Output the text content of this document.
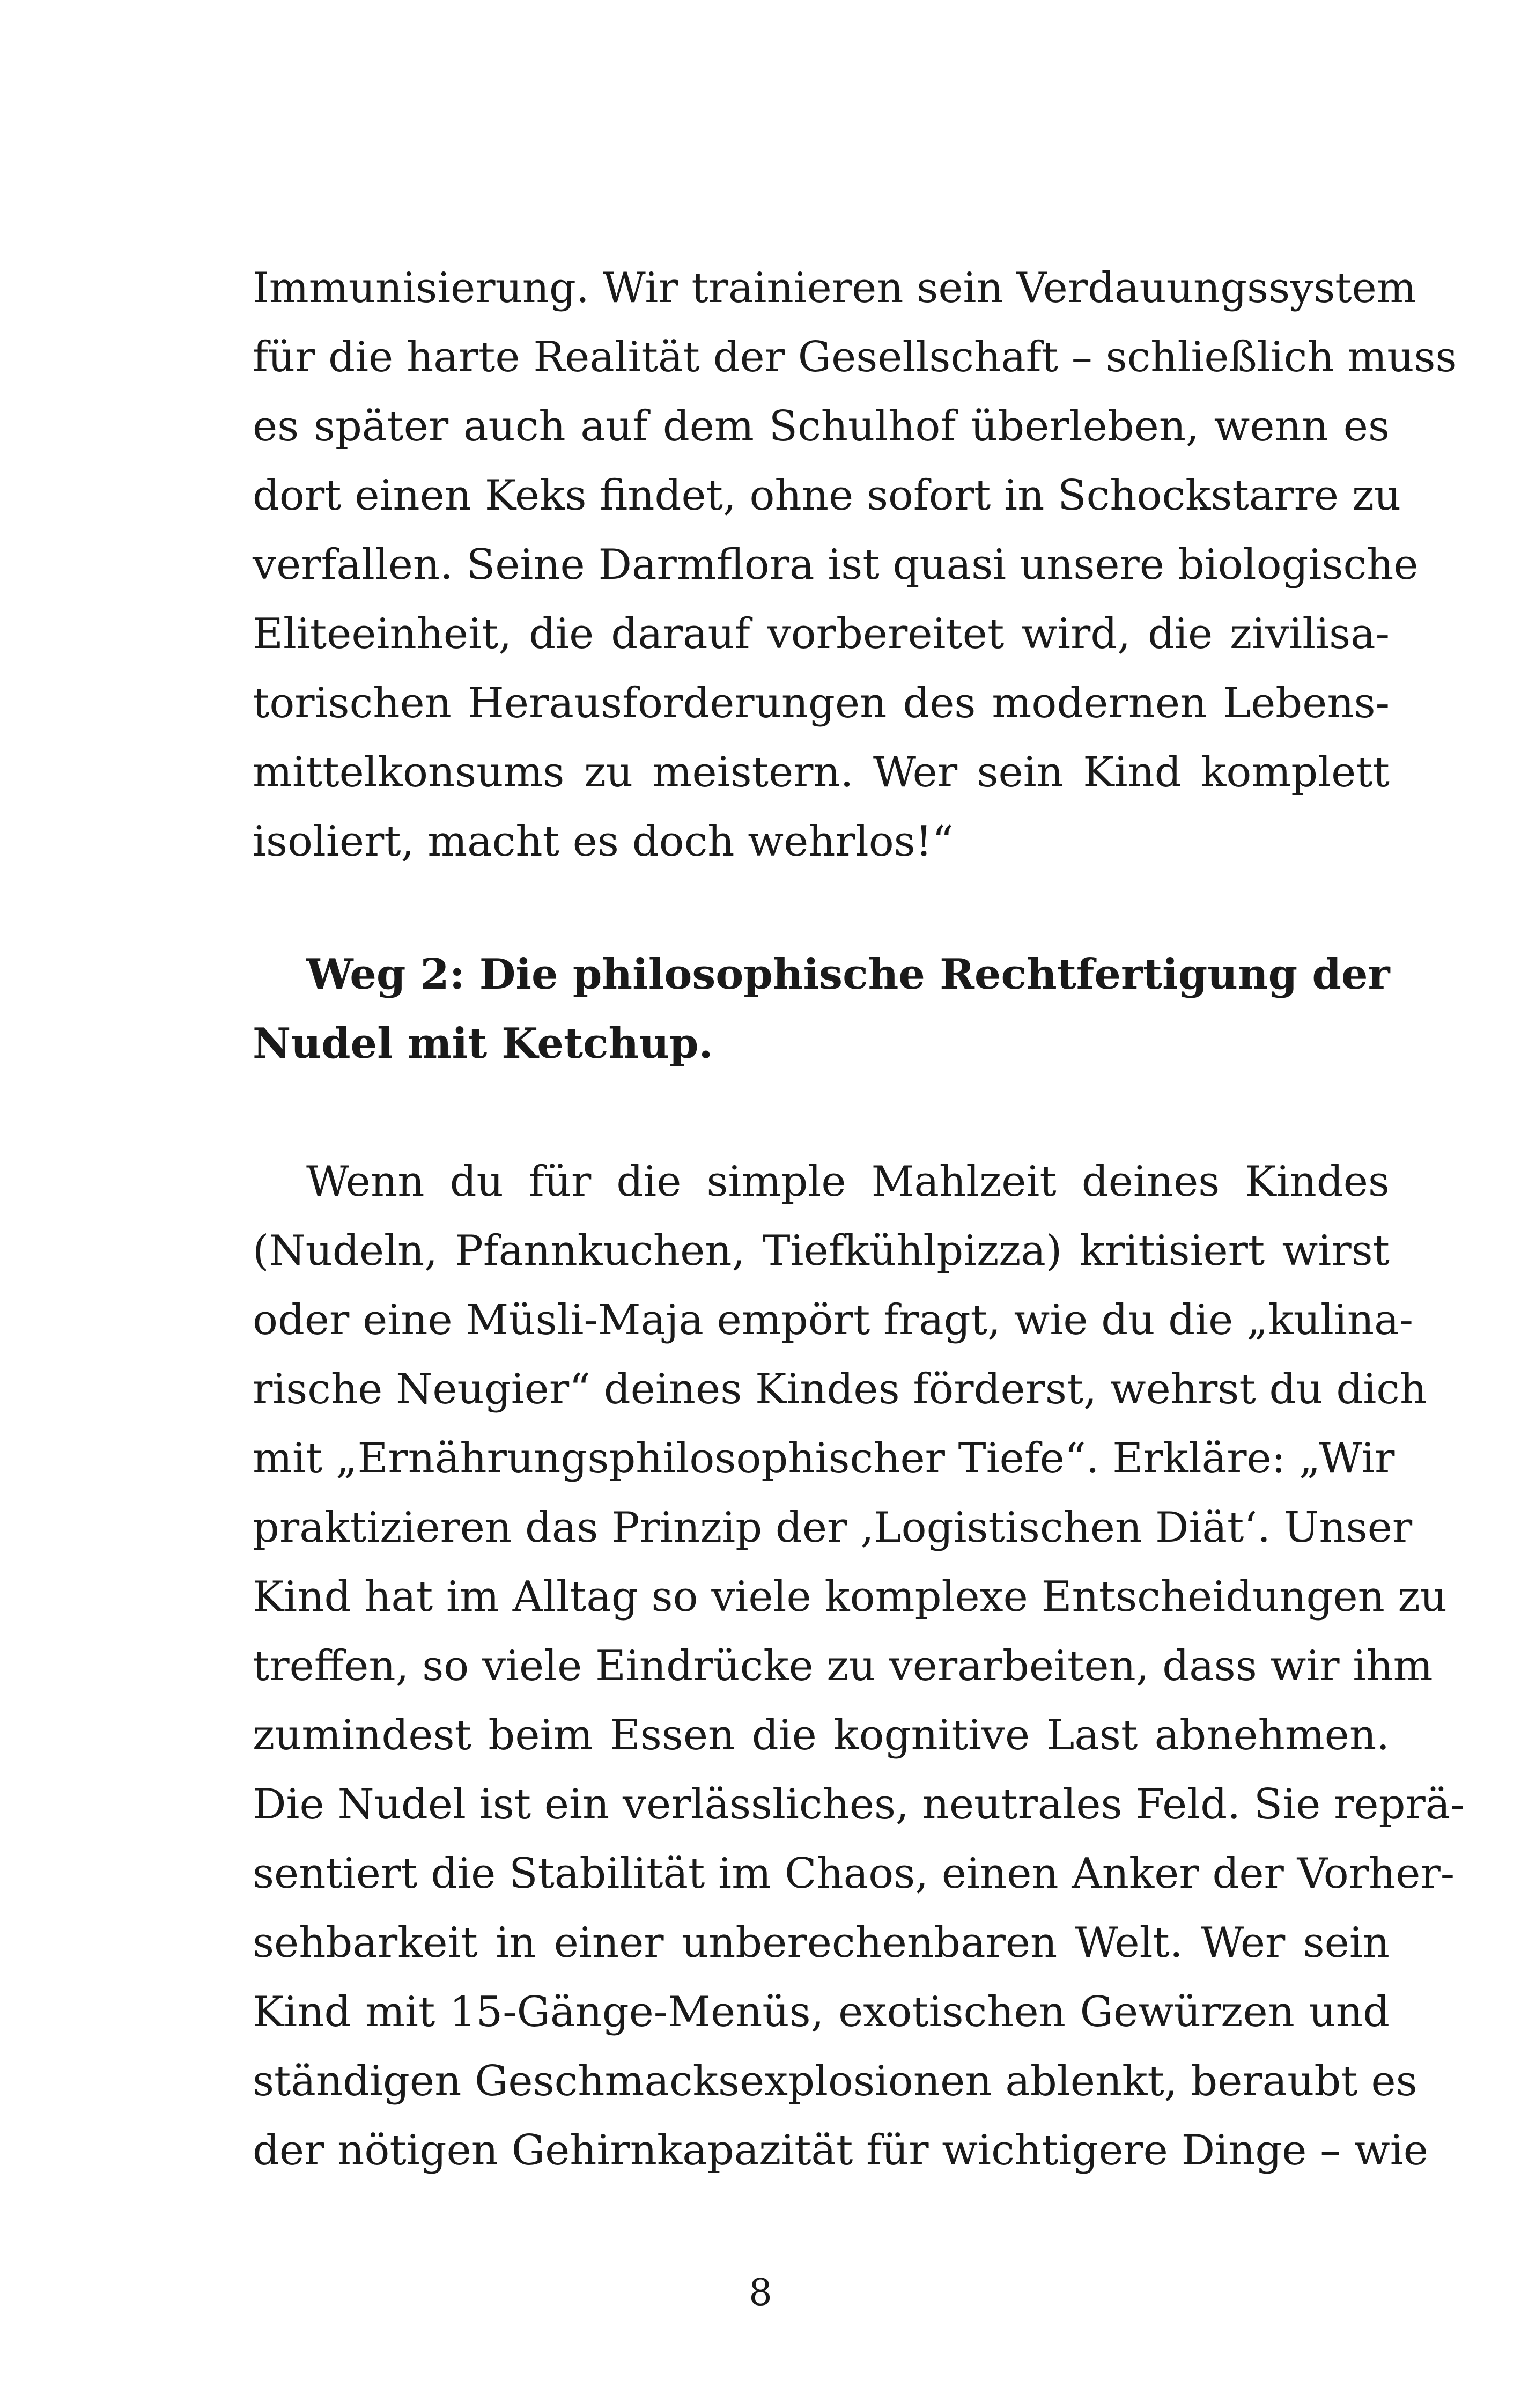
Immunisierung. Wir trainieren sein Verdauungssystem
für die harte Realität der Gesellschaft – schließlich muss
es später auch auf dem Schulhof überleben, wenn es
dort einen Keks findet, ohne sofort in Schockstarre zu
verfallen. Seine Darmflora ist quasi unsere biologische
Eliteeinheit, die darauf vorbereitet wird, die zivilisa-
torischen Herausforderungen des modernen Lebens-
mittelkonsums zu meistern. Wer sein Kind komplett
isoliert, macht es doch wehrlos!“
Weg 2: Die philosophische Rechtfertigung der
Nudel mit Ketchup.
Wenn du für die simple Mahlzeit deines Kindes
(Nudeln, Pfannkuchen, Tiefkühlpizza) kritisiert wirst
oder eine Müsli-Maja empört fragt, wie du die „kulina-
rische Neugier“ deines Kindes förderst, wehrst du dich
mit „Ernährungsphilosophischer Tiefe“. Erkläre: „Wir
praktizieren das Prinzip der ‚Logistischen Diät‘. Unser
Kind hat im Alltag so viele komplexe Entscheidungen zu
treffen, so viele Eindrücke zu verarbeiten, dass wir ihm
zumindest beim Essen die kognitive Last abnehmen.
Die Nudel ist ein verlässliches, neutrales Feld. Sie reprä-
sentiert die Stabilität im Chaos, einen Anker der Vorher-
sehbarkeit in einer unberechenbaren Welt. Wer sein
Kind mit 15-Gänge-Menüs, exotischen Gewürzen und
ständigen Geschmacksexplosionen ablenkt, beraubt es
der nötigen Gehirnkapazität für wichtigere Dinge – wie
8
